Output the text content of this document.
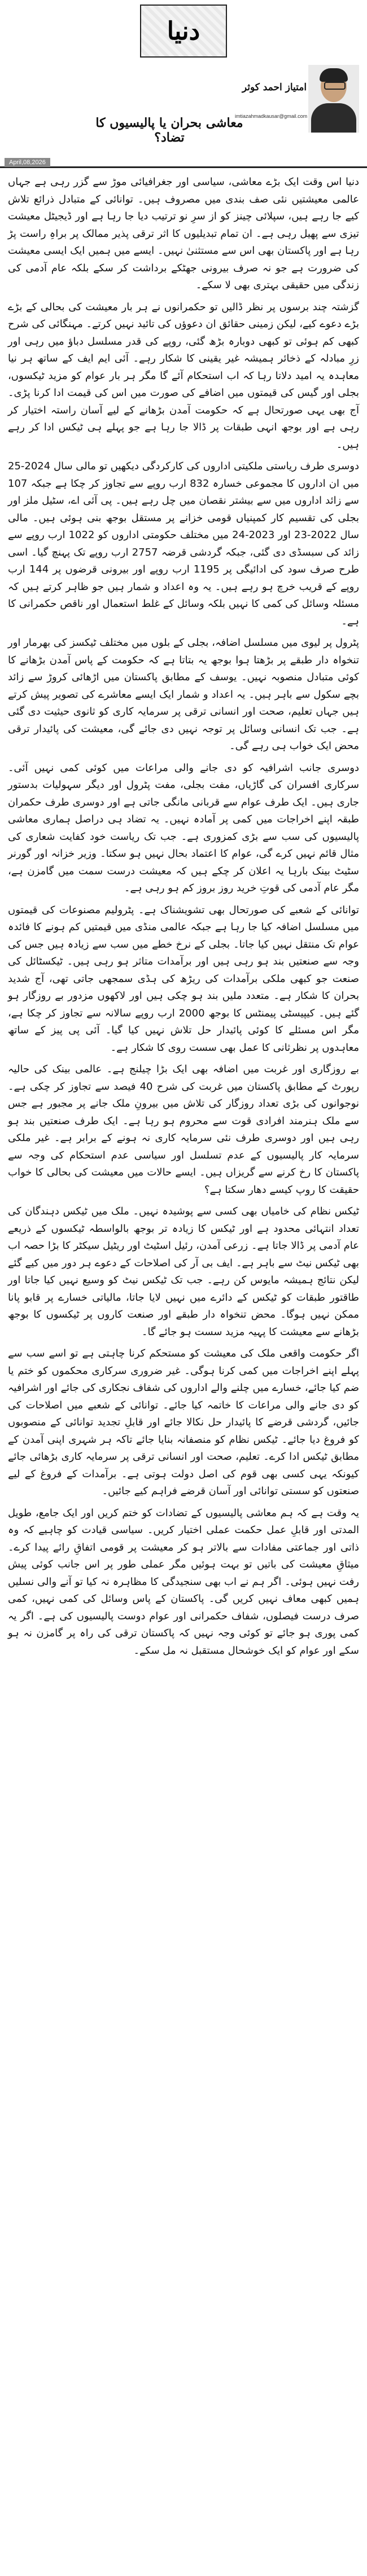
دنیا
امتیاز احمد کوثر
imtiazahmadkausar@gmail.com
معاشی بحران یا پالیسیوں کا تضاد؟
April,08,2026

دنیا اس وقت ایک بڑے معاشی، سیاسی اور جغرافیائی موڑ سے گزر رہی ہے جہاں عالمی معیشتیں نئی صف بندی میں مصروف ہیں۔ توانائی کے متبادل ذرائع تلاش کیے جا رہے ہیں، سپلائی چینز کو از سرِ نو ترتیب دیا جا رہا ہے اور ڈیجیٹل معیشت تیزی سے پھیل رہی ہے۔ ان تمام تبدیلیوں کا اثر ترقی پذیر ممالک پر براہِ راست پڑ رہا ہے اور پاکستان بھی اس سے مستثنیٰ نہیں۔ ایسے میں ہمیں ایک ایسی معیشت کی ضرورت ہے جو نہ صرف بیرونی جھٹکے برداشت کر سکے بلکہ عام آدمی کی زندگی میں حقیقی بہتری بھی لا سکے۔

گزشتہ چند برسوں پر نظر ڈالیں تو حکمرانوں نے ہر بار معیشت کی بحالی کے بڑے بڑے دعوے کیے، لیکن زمینی حقائق ان دعوؤں کی تائید نہیں کرتے۔ مہنگائی کی شرح کبھی کم ہوئی تو کبھی دوبارہ بڑھ گئی، روپے کی قدر مسلسل دباؤ میں رہی اور زرِ مبادلہ کے ذخائر ہمیشہ غیر یقینی کا شکار رہے۔ آئی ایم ایف کے ساتھ ہر نیا معاہدہ یہ امید دلاتا رہا کہ اب استحکام آئے گا مگر ہر بار عوام کو مزید ٹیکسوں، بجلی اور گیس کی قیمتوں میں اضافے کی صورت میں اس کی قیمت ادا کرنا پڑی۔ آج بھی یہی صورتحال ہے کہ حکومت آمدن بڑھانے کے لیے آسان راستہ اختیار کر رہی ہے اور بوجھ انہی طبقات پر ڈالا جا رہا ہے جو پہلے ہی ٹیکس ادا کر رہے ہیں۔

دوسری طرف ریاستی ملکیتی اداروں کی کارکردگی دیکھیں تو مالی سال 2024-25 میں ان اداروں کا مجموعی خسارہ 832 ارب روپے سے تجاوز کر چکا ہے جبکہ 107 سے زائد اداروں میں سے بیشتر نقصان میں چل رہے ہیں۔ پی آئی اے، سٹیل ملز اور بجلی کی تقسیم کار کمپنیاں قومی خزانے پر مستقل بوجھ بنی ہوئی ہیں۔ مالی سال 2022-23 اور 2023-24 میں مختلف حکومتی اداروں کو 1022 ارب روپے سے زائد کی سبسڈی دی گئی، جبکہ گردشی قرضہ 2757 ارب روپے تک پہنچ گیا۔ اسی طرح صرف سود کی ادائیگی پر 1195 ارب روپے اور بیرونی قرضوں پر 144 ارب روپے کے قریب خرچ ہو رہے ہیں۔ یہ وہ اعداد و شمار ہیں جو ظاہر کرتے ہیں کہ مسئلہ وسائل کی کمی کا نہیں بلکہ وسائل کے غلط استعمال اور ناقص حکمرانی کا ہے۔

پٹرول پر لیوی میں مسلسل اضافہ، بجلی کے بلوں میں مختلف ٹیکسز کی بھرمار اور تنخواہ دار طبقے پر بڑھتا ہوا بوجھ یہ بتاتا ہے کہ حکومت کے پاس آمدن بڑھانے کا کوئی متبادل منصوبہ نہیں۔ یوسف کے مطابق پاکستان میں اڑھائی کروڑ سے زائد بچے سکول سے باہر ہیں۔ یہ اعداد و شمار ایک ایسے معاشرے کی تصویر پیش کرتے ہیں جہاں تعلیم، صحت اور انسانی ترقی پر سرمایہ کاری کو ثانوی حیثیت دی گئی ہے۔ جب تک انسانی وسائل پر توجہ نہیں دی جائے گی، معیشت کی پائیدار ترقی محض ایک خواب ہی رہے گی۔

دوسری جانب اشرافیہ کو دی جانے والی مراعات میں کوئی کمی نہیں آئی۔ سرکاری افسران کی گاڑیاں، مفت بجلی، مفت پٹرول اور دیگر سہولیات بدستور جاری ہیں۔ ایک طرف عوام سے قربانی مانگی جاتی ہے اور دوسری طرف حکمران طبقہ اپنے اخراجات میں کمی پر آمادہ نہیں۔ یہ تضاد ہی دراصل ہماری معاشی پالیسیوں کی سب سے بڑی کمزوری ہے۔ جب تک ریاست خود کفایت شعاری کی مثال قائم نہیں کرے گی، عوام کا اعتماد بحال نہیں ہو سکتا۔ وزیر خزانہ اور گورنر سٹیٹ بینک بارہا یہ اعلان کر چکے ہیں کہ معیشت درست سمت میں گامزن ہے، مگر عام آدمی کی قوتِ خرید روز بروز کم ہو رہی ہے۔

توانائی کے شعبے کی صورتحال بھی تشویشناک ہے۔ پٹرولیم مصنوعات کی قیمتوں میں مسلسل اضافہ کیا جا رہا ہے جبکہ عالمی منڈی میں قیمتیں کم ہونے کا فائدہ عوام تک منتقل نہیں کیا جاتا۔ بجلی کے نرخ خطے میں سب سے زیادہ ہیں جس کی وجہ سے صنعتیں بند ہو رہی ہیں اور برآمدات متاثر ہو رہی ہیں۔ ٹیکسٹائل کی صنعت جو کبھی ملکی برآمدات کی ریڑھ کی ہڈی سمجھی جاتی تھی، آج شدید بحران کا شکار ہے۔ متعدد ملیں بند ہو چکی ہیں اور لاکھوں مزدور بے روزگار ہو گئے ہیں۔ کیپیسٹی پیمنٹس کا بوجھ 2000 ارب روپے سالانہ سے تجاوز کر چکا ہے، مگر اس مسئلے کا کوئی پائیدار حل تلاش نہیں کیا گیا۔ آئی پی پیز کے ساتھ معاہدوں پر نظرثانی کا عمل بھی سست روی کا شکار ہے۔

بے روزگاری اور غربت میں اضافہ بھی ایک بڑا چیلنج ہے۔ عالمی بینک کی حالیہ رپورٹ کے مطابق پاکستان میں غربت کی شرح 40 فیصد سے تجاوز کر چکی ہے۔ نوجوانوں کی بڑی تعداد روزگار کی تلاش میں بیرونِ ملک جانے پر مجبور ہے جس سے ملک ہنرمند افرادی قوت سے محروم ہو رہا ہے۔ ایک طرف صنعتیں بند ہو رہی ہیں اور دوسری طرف نئی سرمایہ کاری نہ ہونے کے برابر ہے۔ غیر ملکی سرمایہ کار پالیسیوں کے عدم تسلسل اور سیاسی عدم استحکام کی وجہ سے پاکستان کا رخ کرنے سے گریزاں ہیں۔ ایسے حالات میں معیشت کی بحالی کا خواب حقیقت کا روپ کیسے دھار سکتا ہے؟

ٹیکس نظام کی خامیاں بھی کسی سے پوشیدہ نہیں۔ ملک میں ٹیکس دہندگان کی تعداد انتہائی محدود ہے اور ٹیکس کا زیادہ تر بوجھ بالواسطہ ٹیکسوں کے ذریعے عام آدمی پر ڈالا جاتا ہے۔ زرعی آمدن، رئیل اسٹیٹ اور ریٹیل سیکٹر کا بڑا حصہ اب بھی ٹیکس نیٹ سے باہر ہے۔ ایف بی آر کی اصلاحات کے دعوے ہر دور میں کیے گئے لیکن نتائج ہمیشہ مایوس کن رہے۔ جب تک ٹیکس نیٹ کو وسیع نہیں کیا جاتا اور طاقتور طبقات کو ٹیکس کے دائرے میں نہیں لایا جاتا، مالیاتی خسارے پر قابو پانا ممکن نہیں ہوگا۔ محض تنخواہ دار طبقے اور صنعت کاروں پر ٹیکسوں کا بوجھ بڑھانے سے معیشت کا پہیہ مزید سست ہو جائے گا۔

اگر حکومت واقعی ملک کی معیشت کو مستحکم کرنا چاہتی ہے تو اسے سب سے پہلے اپنے اخراجات میں کمی کرنا ہوگی۔ غیر ضروری سرکاری محکموں کو ختم یا ضم کیا جائے، خسارے میں چلنے والے اداروں کی شفاف نجکاری کی جائے اور اشرافیہ کو دی جانے والی مراعات کا خاتمہ کیا جائے۔ توانائی کے شعبے میں اصلاحات کی جائیں، گردشی قرضے کا پائیدار حل نکالا جائے اور قابلِ تجدید توانائی کے منصوبوں کو فروغ دیا جائے۔ ٹیکس نظام کو منصفانہ بنایا جائے تاکہ ہر شہری اپنی آمدن کے مطابق ٹیکس ادا کرے۔ تعلیم، صحت اور انسانی ترقی پر سرمایہ کاری بڑھائی جائے کیونکہ یہی کسی بھی قوم کی اصل دولت ہوتی ہے۔ برآمدات کے فروغ کے لیے صنعتوں کو سستی توانائی اور آسان قرضے فراہم کیے جائیں۔

یہ وقت ہے کہ ہم معاشی پالیسیوں کے تضادات کو ختم کریں اور ایک جامع، طویل المدتی اور قابلِ عمل حکمت عملی اختیار کریں۔ سیاسی قیادت کو چاہیے کہ وہ ذاتی اور جماعتی مفادات سے بالاتر ہو کر معیشت پر قومی اتفاقِ رائے پیدا کرے۔ میثاقِ معیشت کی باتیں تو بہت ہوئیں مگر عملی طور پر اس جانب کوئی پیش رفت نہیں ہوئی۔ اگر ہم نے اب بھی سنجیدگی کا مظاہرہ نہ کیا تو آنے والی نسلیں ہمیں کبھی معاف نہیں کریں گی۔ پاکستان کے پاس وسائل کی کمی نہیں، کمی صرف درست فیصلوں، شفاف حکمرانی اور عوام دوست پالیسیوں کی ہے۔ اگر یہ کمی پوری ہو جائے تو کوئی وجہ نہیں کہ پاکستان ترقی کی راہ پر گامزن نہ ہو سکے اور عوام کو ایک خوشحال مستقبل نہ مل سکے۔
